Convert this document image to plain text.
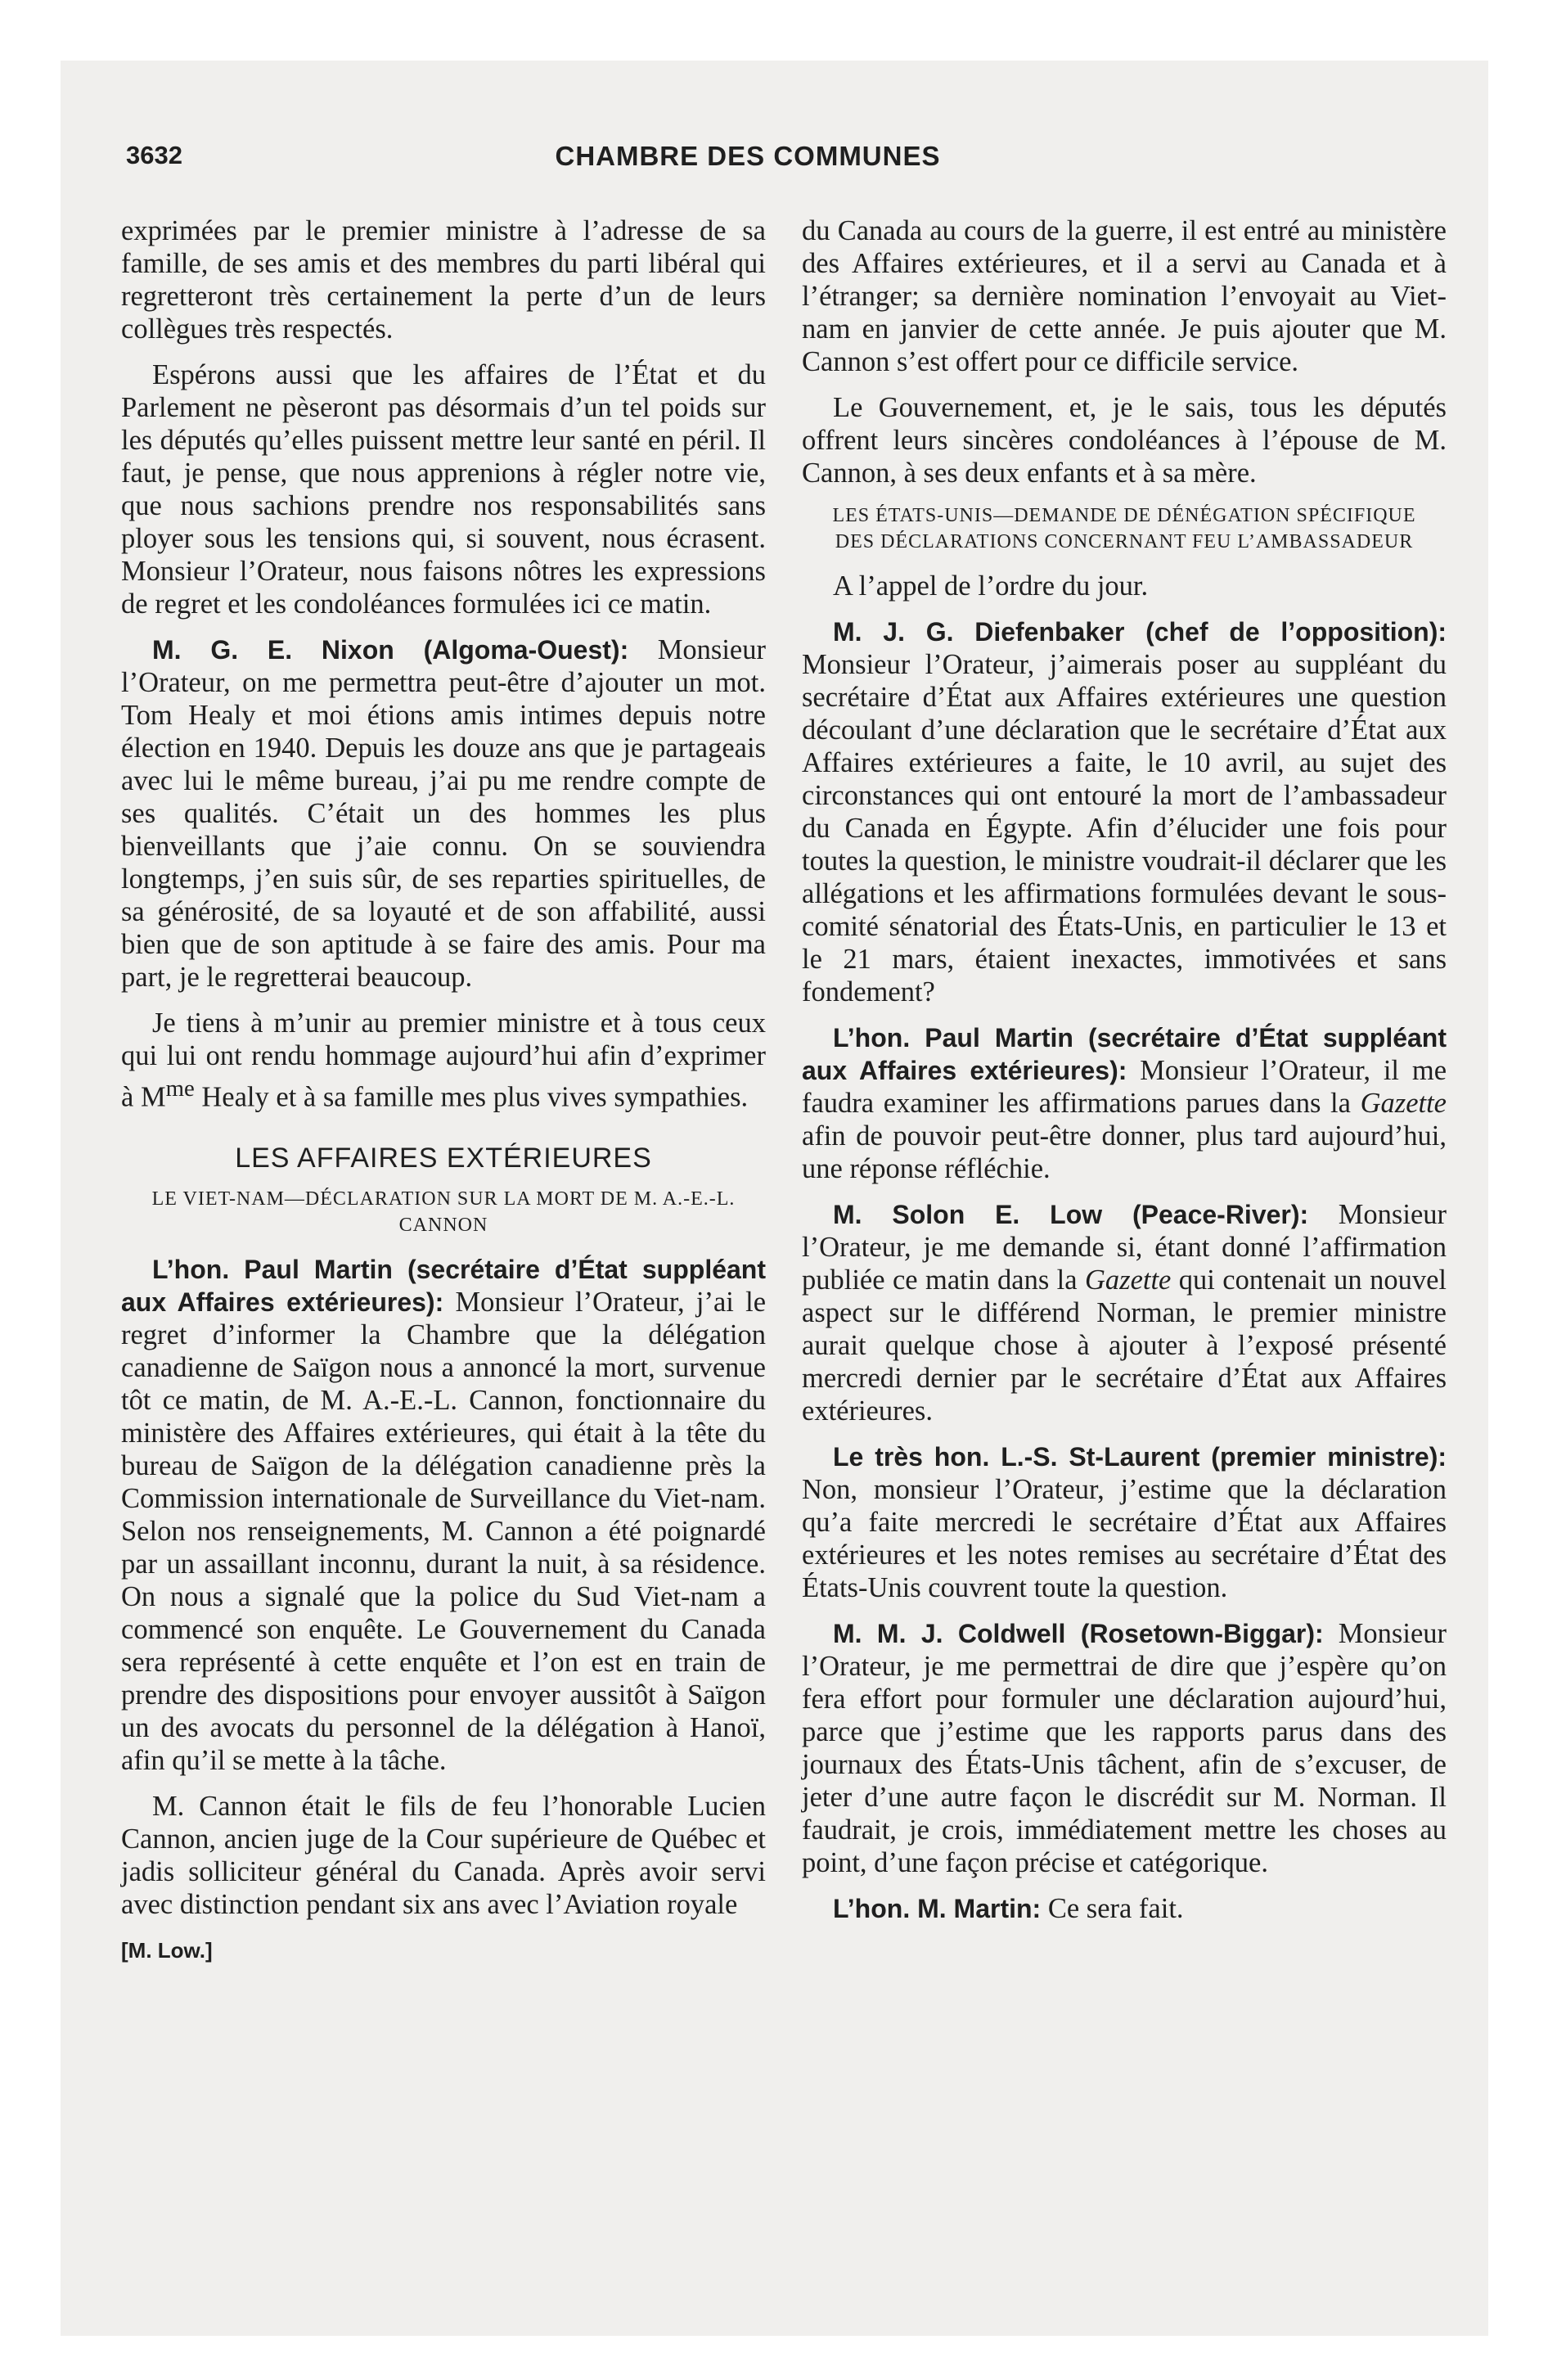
3632	CHAMBRE DES COMMUNES

exprimées par le premier ministre à l’adresse de sa famille, de ses amis et des membres du parti libéral qui regretteront très certainement la perte d’un de leurs collègues très respectés.

Espérons aussi que les affaires de l’État et du Parlement ne pèseront pas désormais d’un tel poids sur les députés qu’elles puissent mettre leur santé en péril. Il faut, je pense, que nous apprenions à régler notre vie, que nous sachions prendre nos responsabilités sans ployer sous les tensions qui, si souvent, nous écrasent. Monsieur l’Orateur, nous faisons nôtres les expressions de regret et les condoléances formulées ici ce matin.

M. G. E. Nixon (Algoma-Ouest): Monsieur l’Orateur, on me permettra peut-être d’ajouter un mot. Tom Healy et moi étions amis intimes depuis notre élection en 1940. Depuis les douze ans que je partageais avec lui le même bureau, j’ai pu me rendre compte de ses qualités. C’était un des hommes les plus bienveillants que j’aie connu. On se souviendra longtemps, j’en suis sûr, de ses reparties spirituelles, de sa générosité, de sa loyauté et de son affabilité, aussi bien que de son aptitude à se faire des amis. Pour ma part, je le regretterai beaucoup.

Je tiens à m’unir au premier ministre et à tous ceux qui lui ont rendu hommage aujourd’hui afin d’exprimer à $M^{me}$ Healy et à sa famille mes plus vives sympathies.

LES AFFAIRES EXTÉRIEURES
LE VIET-NAM—DÉCLARATION SUR LA MORT DE M. A.-E.-L. CANNON

L’hon. Paul Martin (secrétaire d’État suppléant aux Affaires extérieures): Monsieur l’Orateur, j’ai le regret d’informer la Chambre que la délégation canadienne de Saïgon nous a annoncé la mort, survenue tôt ce matin, de M. A.-E.-L. Cannon, fonctionnaire du ministère des Affaires extérieures, qui était à la tête du bureau de Saïgon de la délégation canadienne près la Commission internationale de Surveillance du Viet-nam. Selon nos renseignements, M. Cannon a été poignardé par un assaillant inconnu, durant la nuit, à sa résidence. On nous a signalé que la police du Sud Viet-nam a commencé son enquête. Le Gouvernement du Canada sera représenté à cette enquête et l’on est en train de prendre des dispositions pour envoyer aussitôt à Saïgon un des avocats du personnel de la délégation à Hanoï, afin qu’il se mette à la tâche.

M. Cannon était le fils de feu l’honorable Lucien Cannon, ancien juge de la Cour supérieure de Québec et jadis solliciteur général du Canada. Après avoir servi avec distinction pendant six ans avec l’Aviation royale

[M. Low.]

du Canada au cours de la guerre, il est entré au ministère des Affaires extérieures, et il a servi au Canada et à l’étranger; sa dernière nomination l’envoyait au Viet-nam en janvier de cette année. Je puis ajouter que M. Cannon s’est offert pour ce difficile service.

Le Gouvernement, et, je le sais, tous les députés offrent leurs sincères condoléances à l’épouse de M. Cannon, à ses deux enfants et à sa mère.

LES ÉTATS-UNIS—DEMANDE DE DÉNÉGATION SPÉCIFIQUE DES DÉCLARATIONS CONCERNANT FEU L’AMBASSADEUR

A l’appel de l’ordre du jour.

M. J. G. Diefenbaker (chef de l’opposition): Monsieur l’Orateur, j’aimerais poser au suppléant du secrétaire d’État aux Affaires extérieures une question découlant d’une déclaration que le secrétaire d’État aux Affaires extérieures a faite, le 10 avril, au sujet des circonstances qui ont entouré la mort de l’ambassadeur du Canada en Égypte. Afin d’élucider une fois pour toutes la question, le ministre voudrait-il déclarer que les allégations et les affirmations formulées devant le sous-comité sénatorial des États-Unis, en particulier le 13 et le 21 mars, étaient inexactes, immotivées et sans fondement?

L’hon. Paul Martin (secrétaire d’État suppléant aux Affaires extérieures): Monsieur l’Orateur, il me faudra examiner les affirmations parues dans la Gazette afin de pouvoir peut-être donner, plus tard aujourd’hui, une réponse réfléchie.

M. Solon E. Low (Peace-River): Monsieur l’Orateur, je me demande si, étant donné l’affirmation publiée ce matin dans la Gazette qui contenait un nouvel aspect sur le différend Norman, le premier ministre aurait quelque chose à ajouter à l’exposé présenté mercredi dernier par le secrétaire d’État aux Affaires extérieures.

Le très hon. L.-S. St-Laurent (premier ministre): Non, monsieur l’Orateur, j’estime que la déclaration qu’a faite mercredi le secrétaire d’État aux Affaires extérieures et les notes remises au secrétaire d’État des États-Unis couvrent toute la question.

M. M. J. Coldwell (Rosetown-Biggar): Monsieur l’Orateur, je me permettrai de dire que j’espère qu’on fera effort pour formuler une déclaration aujourd’hui, parce que j’estime que les rapports parus dans des journaux des États-Unis tâchent, afin de s’excuser, de jeter d’une autre façon le discrédit sur M. Norman. Il faudrait, je crois, immédiatement mettre les choses au point, d’une façon précise et catégorique.

L’hon. M. Martin: Ce sera fait.
